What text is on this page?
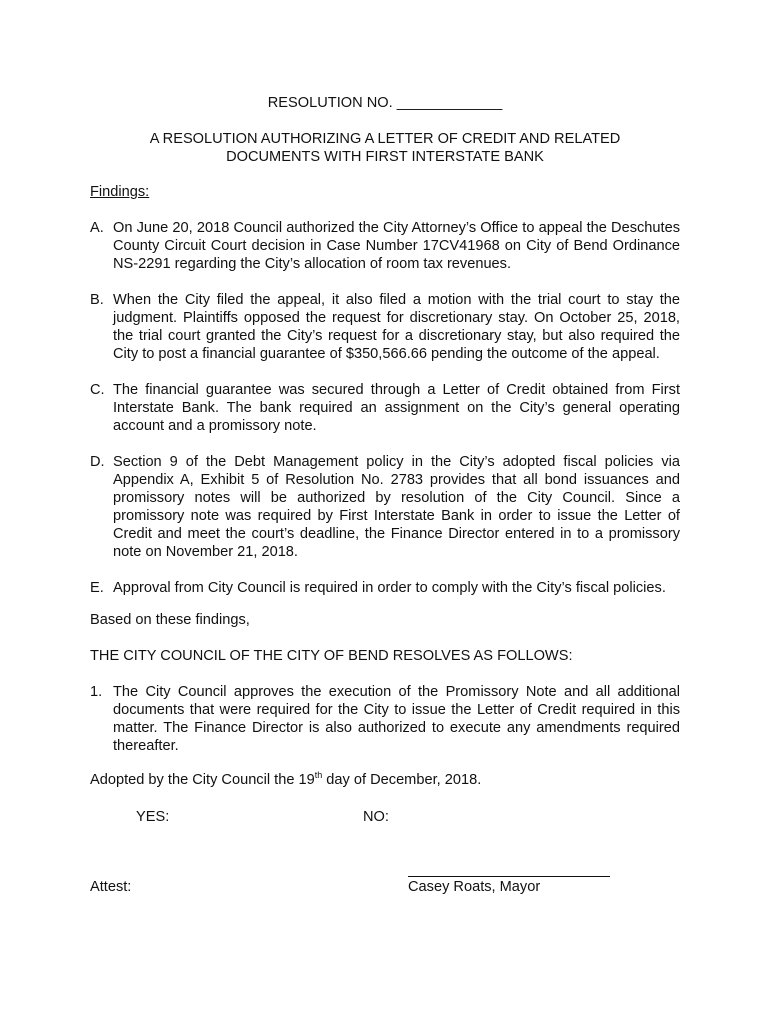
RESOLUTION NO. _____________
A RESOLUTION AUTHORIZING A LETTER OF CREDIT AND RELATED
DOCUMENTS WITH FIRST INTERSTATE BANK
Findings:
A. On June 20, 2018 Council authorized the City Attorney’s Office to appeal the Deschutes County Circuit Court decision in Case Number 17CV41968 on City of Bend Ordinance NS-2291 regarding the City’s allocation of room tax revenues.
B. When the City filed the appeal, it also filed a motion with the trial court to stay the judgment. Plaintiffs opposed the request for discretionary stay. On October 25, 2018, the trial court granted the City’s request for a discretionary stay, but also required the City to post a financial guarantee of $350,566.66 pending the outcome of the appeal.
C. The financial guarantee was secured through a Letter of Credit obtained from First Interstate Bank. The bank required an assignment on the City’s general operating account and a promissory note.
D. Section 9 of the Debt Management policy in the City’s adopted fiscal policies via Appendix A, Exhibit 5 of Resolution No. 2783 provides that all bond issuances and promissory notes will be authorized by resolution of the City Council. Since a promissory note was required by First Interstate Bank in order to issue the Letter of Credit and meet the court’s deadline, the Finance Director entered in to a promissory note on November 21, 2018.
E. Approval from City Council is required in order to comply with the City’s fiscal policies.
Based on these findings,
THE CITY COUNCIL OF THE CITY OF BEND RESOLVES AS FOLLOWS:
1. The City Council approves the execution of the Promissory Note and all additional documents that were required for the City to issue the Letter of Credit required in this matter. The Finance Director is also authorized to execute any amendments required thereafter.
Adopted by the City Council the 19th day of December, 2018.
YES:	NO:
Attest:	Casey Roats, Mayor
